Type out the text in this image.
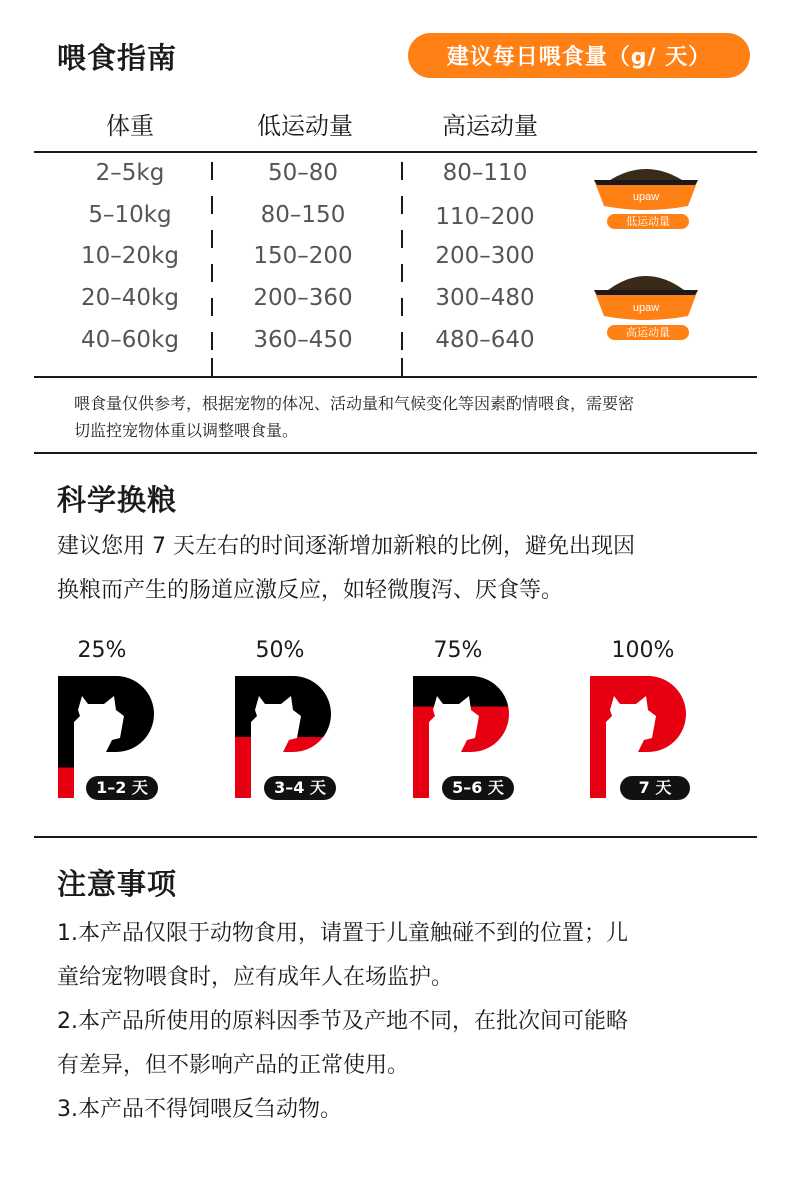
喂食指南	建议每日喂食量（g/ 天）
体重	低运动量	高运动量
2–5kg	50–80	80–110
5–10kg	80–150	110–200
10–20kg	150–200	200–300
20–40kg	200–360	300–480
40–60kg	360–450	480–640
upaw
低运动量
upaw
高运动量
喂食量仅供参考，根据宠物的体况、活动量和气候变化等因素酌情喂食，需要密
切监控宠物体重以调整喂食量。
科学换粮
建议您用 7 天左右的时间逐渐增加新粮的比例，避免出现因
换粮而产生的肠道应激反应，如轻微腹泻、厌食等。
25%	50%	75%	100%
1–2 天	3–4 天	5–6 天	7 天
注意事项
1.本产品仅限于动物食用，请置于儿童触碰不到的位置；儿
童给宠物喂食时，应有成年人在场监护。
2.本产品所使用的原料因季节及产地不同，在批次间可能略
有差异，但不影响产品的正常使用。
3.本产品不得饲喂反刍动物。
